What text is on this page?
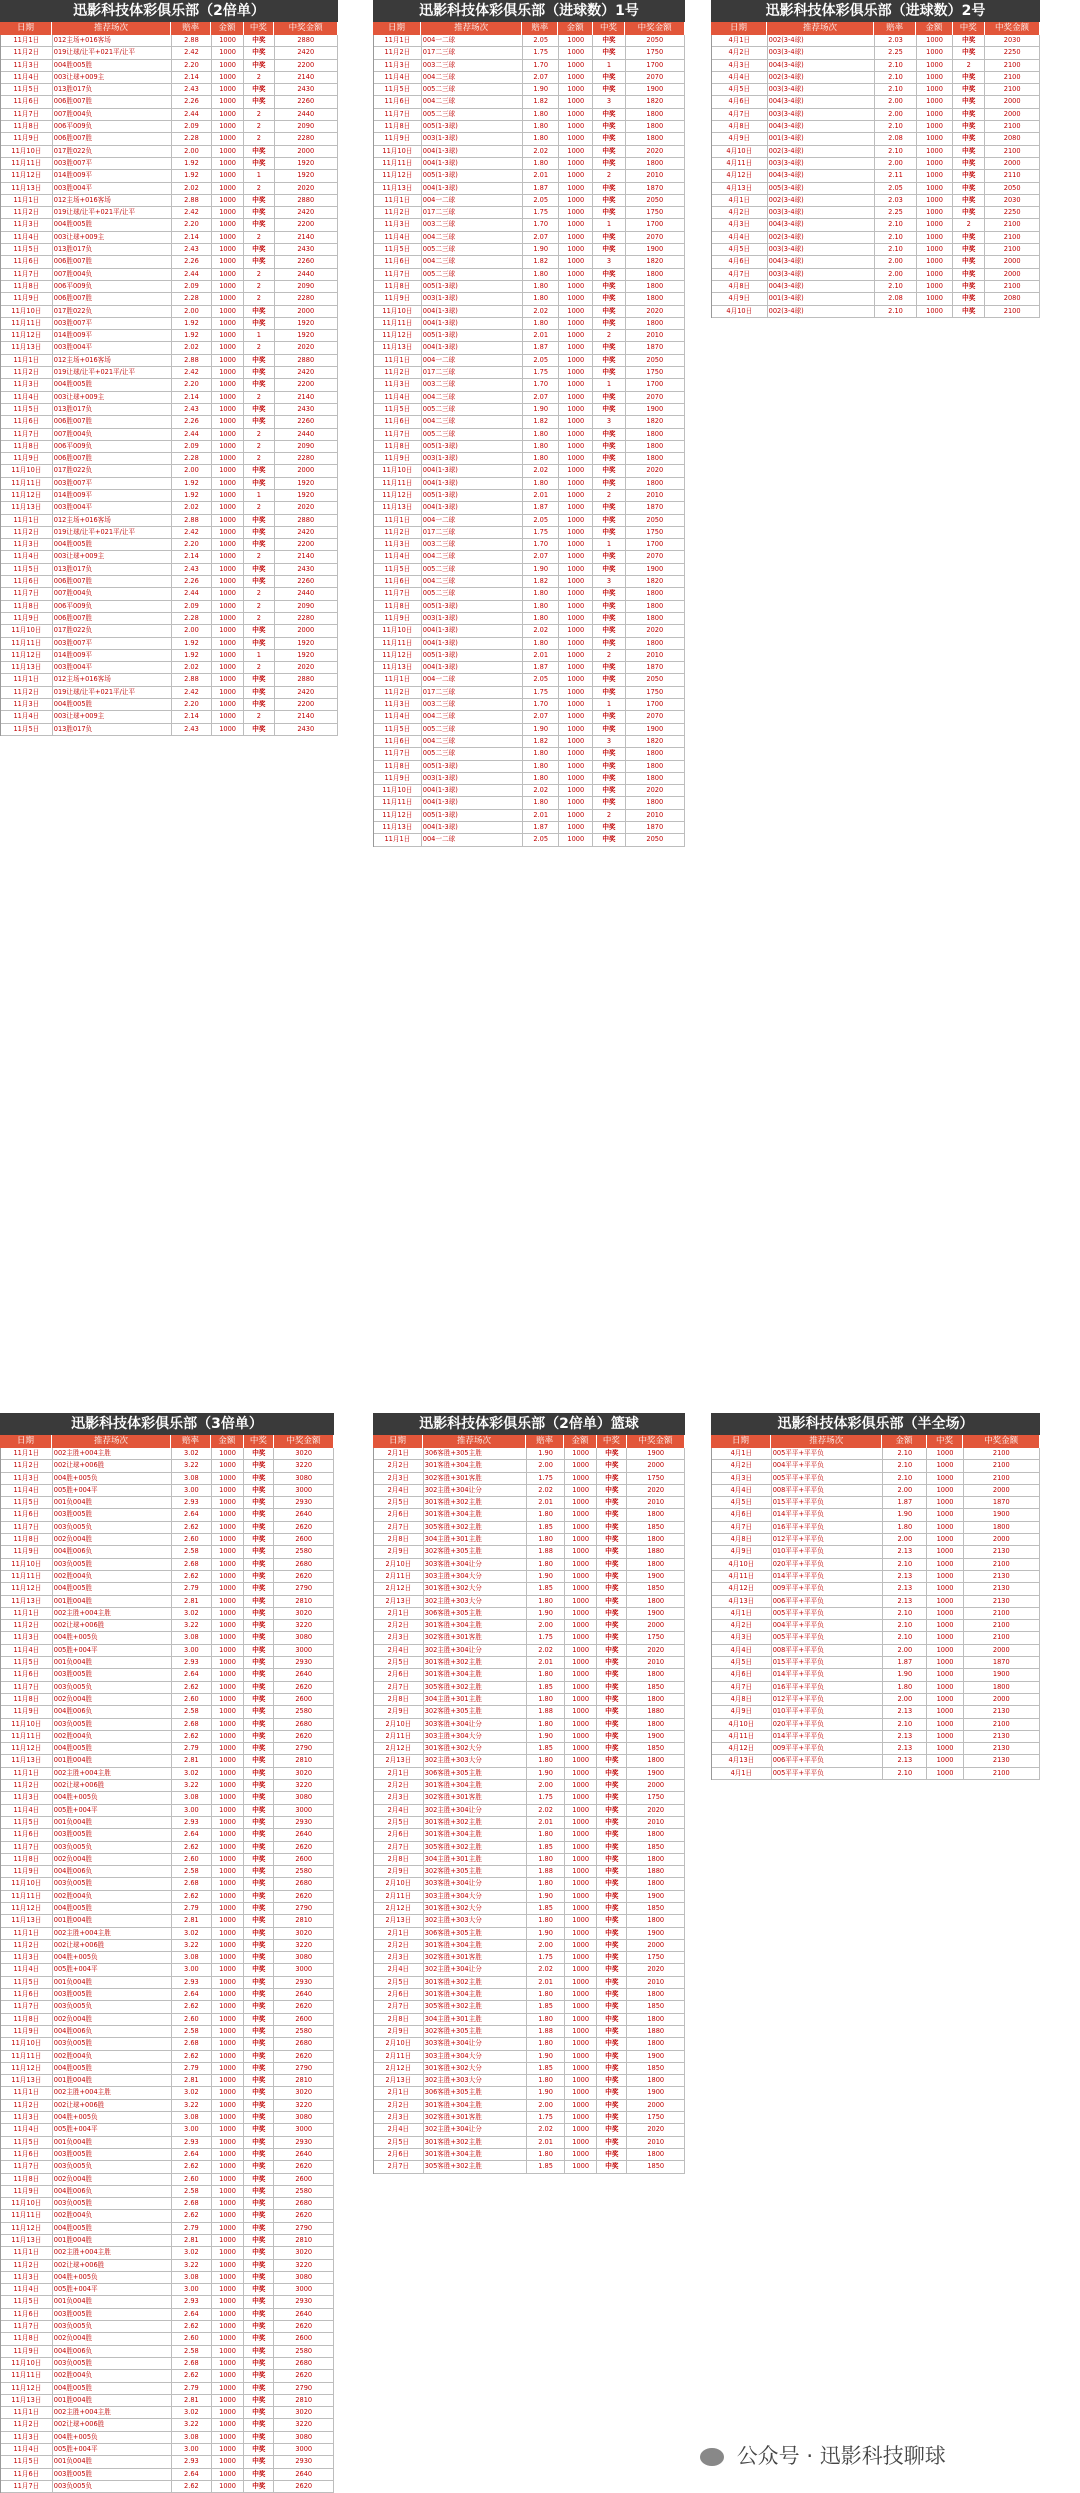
迅影科技体彩俱乐部（2倍单）
日期	推荐场次	赔率	金额	中奖	中奖金额
11月1日	012主场+016客场	2.88	1000	中奖	2880
11月2日	019让球/让平+021平/让平	2.42	1000	中奖	2420
11月3日	004胜005胜	2.20	1000	中奖	2200
11月4日	003让球+009主	2.14	1000	2	2140
11月5日	013胜017负	2.43	1000	中奖	2430
11月6日	006胜007胜	2.26	1000	中奖	2260
11月7日	007胜004负	2.44	1000	2	2440
11月8日	006平009负	2.09	1000	2	2090
11月9日	006胜007胜	2.28	1000	2	2280
11月10日	017胜022负	2.00	1000	中奖	2000
11月11日	003胜007平	1.92	1000	中奖	1920
11月12日	014胜009平	1.92	1000	1	1920
11月13日	003胜004平	2.02	1000	2	2020
11月1日	012主场+016客场	2.88	1000	中奖	2880
11月2日	019让球/让平+021平/让平	2.42	1000	中奖	2420
11月3日	004胜005胜	2.20	1000	中奖	2200
11月4日	003让球+009主	2.14	1000	2	2140
11月5日	013胜017负	2.43	1000	中奖	2430
11月6日	006胜007胜	2.26	1000	中奖	2260
11月7日	007胜004负	2.44	1000	2	2440
11月8日	006平009负	2.09	1000	2	2090
11月9日	006胜007胜	2.28	1000	2	2280
11月10日	017胜022负	2.00	1000	中奖	2000
11月11日	003胜007平	1.92	1000	中奖	1920
11月12日	014胜009平	1.92	1000	1	1920
11月13日	003胜004平	2.02	1000	2	2020
11月1日	012主场+016客场	2.88	1000	中奖	2880
11月2日	019让球/让平+021平/让平	2.42	1000	中奖	2420
11月3日	004胜005胜	2.20	1000	中奖	2200
11月4日	003让球+009主	2.14	1000	2	2140
11月5日	013胜017负	2.43	1000	中奖	2430
11月6日	006胜007胜	2.26	1000	中奖	2260
11月7日	007胜004负	2.44	1000	2	2440
11月8日	006平009负	2.09	1000	2	2090
11月9日	006胜007胜	2.28	1000	2	2280
11月10日	017胜022负	2.00	1000	中奖	2000
11月11日	003胜007平	1.92	1000	中奖	1920
11月12日	014胜009平	1.92	1000	1	1920
11月13日	003胜004平	2.02	1000	2	2020
11月1日	012主场+016客场	2.88	1000	中奖	2880
11月2日	019让球/让平+021平/让平	2.42	1000	中奖	2420
11月3日	004胜005胜	2.20	1000	中奖	2200
11月4日	003让球+009主	2.14	1000	2	2140
11月5日	013胜017负	2.43	1000	中奖	2430
11月6日	006胜007胜	2.26	1000	中奖	2260
11月7日	007胜004负	2.44	1000	2	2440
11月8日	006平009负	2.09	1000	2	2090
11月9日	006胜007胜	2.28	1000	2	2280
11月10日	017胜022负	2.00	1000	中奖	2000
11月11日	003胜007平	1.92	1000	中奖	1920
11月12日	014胜009平	1.92	1000	1	1920
11月13日	003胜004平	2.02	1000	2	2020
11月1日	012主场+016客场	2.88	1000	中奖	2880
11月2日	019让球/让平+021平/让平	2.42	1000	中奖	2420
11月3日	004胜005胜	2.20	1000	中奖	2200
11月4日	003让球+009主	2.14	1000	2	2140
11月5日	013胜017负	2.43	1000	中奖	2430
迅影科技体彩俱乐部（进球数）1号
日期	推荐场次	赔率	金额	中奖	中奖金额
11月1日	004一二球	2.05	1000	中奖	2050
11月2日	017二三球	1.75	1000	中奖	1750
11月3日	003二三球	1.70	1000	1	1700
11月4日	004二三球	2.07	1000	中奖	2070
11月5日	005二三球	1.90	1000	中奖	1900
11月6日	004二三球	1.82	1000	3	1820
11月7日	005二三球	1.80	1000	中奖	1800
11月8日	005(1-3球)	1.80	1000	中奖	1800
11月9日	003(1-3球)	1.80	1000	中奖	1800
11月10日	004(1-3球)	2.02	1000	中奖	2020
11月11日	004(1-3球)	1.80	1000	中奖	1800
11月12日	005(1-3球)	2.01	1000	2	2010
11月13日	004(1-3球)	1.87	1000	中奖	1870
11月1日	004一二球	2.05	1000	中奖	2050
11月2日	017二三球	1.75	1000	中奖	1750
11月3日	003二三球	1.70	1000	1	1700
11月4日	004二三球	2.07	1000	中奖	2070
11月5日	005二三球	1.90	1000	中奖	1900
11月6日	004二三球	1.82	1000	3	1820
11月7日	005二三球	1.80	1000	中奖	1800
11月8日	005(1-3球)	1.80	1000	中奖	1800
11月9日	003(1-3球)	1.80	1000	中奖	1800
11月10日	004(1-3球)	2.02	1000	中奖	2020
11月11日	004(1-3球)	1.80	1000	中奖	1800
11月12日	005(1-3球)	2.01	1000	2	2010
11月13日	004(1-3球)	1.87	1000	中奖	1870
11月1日	004一二球	2.05	1000	中奖	2050
11月2日	017二三球	1.75	1000	中奖	1750
11月3日	003二三球	1.70	1000	1	1700
11月4日	004二三球	2.07	1000	中奖	2070
11月5日	005二三球	1.90	1000	中奖	1900
11月6日	004二三球	1.82	1000	3	1820
11月7日	005二三球	1.80	1000	中奖	1800
11月8日	005(1-3球)	1.80	1000	中奖	1800
11月9日	003(1-3球)	1.80	1000	中奖	1800
11月10日	004(1-3球)	2.02	1000	中奖	2020
11月11日	004(1-3球)	1.80	1000	中奖	1800
11月12日	005(1-3球)	2.01	1000	2	2010
11月13日	004(1-3球)	1.87	1000	中奖	1870
11月1日	004一二球	2.05	1000	中奖	2050
11月2日	017二三球	1.75	1000	中奖	1750
11月3日	003二三球	1.70	1000	1	1700
11月4日	004二三球	2.07	1000	中奖	2070
11月5日	005二三球	1.90	1000	中奖	1900
11月6日	004二三球	1.82	1000	3	1820
11月7日	005二三球	1.80	1000	中奖	1800
11月8日	005(1-3球)	1.80	1000	中奖	1800
11月9日	003(1-3球)	1.80	1000	中奖	1800
11月10日	004(1-3球)	2.02	1000	中奖	2020
11月11日	004(1-3球)	1.80	1000	中奖	1800
11月12日	005(1-3球)	2.01	1000	2	2010
11月13日	004(1-3球)	1.87	1000	中奖	1870
11月1日	004一二球	2.05	1000	中奖	2050
11月2日	017二三球	1.75	1000	中奖	1750
11月3日	003二三球	1.70	1000	1	1700
11月4日	004二三球	2.07	1000	中奖	2070
11月5日	005二三球	1.90	1000	中奖	1900
11月6日	004二三球	1.82	1000	3	1820
11月7日	005二三球	1.80	1000	中奖	1800
11月8日	005(1-3球)	1.80	1000	中奖	1800
11月9日	003(1-3球)	1.80	1000	中奖	1800
11月10日	004(1-3球)	2.02	1000	中奖	2020
11月11日	004(1-3球)	1.80	1000	中奖	1800
11月12日	005(1-3球)	2.01	1000	2	2010
11月13日	004(1-3球)	1.87	1000	中奖	1870
11月1日	004一二球	2.05	1000	中奖	2050
迅影科技体彩俱乐部（进球数）2号
日期	推荐场次	赔率	金额	中奖	中奖金额
4月1日	002(3-4球)	2.03	1000	中奖	2030
4月2日	003(3-4球)	2.25	1000	中奖	2250
4月3日	004(3-4球)	2.10	1000	2	2100
4月4日	002(3-4球)	2.10	1000	中奖	2100
4月5日	003(3-4球)	2.10	1000	中奖	2100
4月6日	004(3-4球)	2.00	1000	中奖	2000
4月7日	003(3-4球)	2.00	1000	中奖	2000
4月8日	004(3-4球)	2.10	1000	中奖	2100
4月9日	001(3-4球)	2.08	1000	中奖	2080
4月10日	002(3-4球)	2.10	1000	中奖	2100
4月11日	003(3-4球)	2.00	1000	中奖	2000
4月12日	004(3-4球)	2.11	1000	中奖	2110
4月13日	005(3-4球)	2.05	1000	中奖	2050
4月1日	002(3-4球)	2.03	1000	中奖	2030
4月2日	003(3-4球)	2.25	1000	中奖	2250
4月3日	004(3-4球)	2.10	1000	2	2100
4月4日	002(3-4球)	2.10	1000	中奖	2100
4月5日	003(3-4球)	2.10	1000	中奖	2100
4月6日	004(3-4球)	2.00	1000	中奖	2000
4月7日	003(3-4球)	2.00	1000	中奖	2000
4月8日	004(3-4球)	2.10	1000	中奖	2100
4月9日	001(3-4球)	2.08	1000	中奖	2080
4月10日	002(3-4球)	2.10	1000	中奖	2100
迅影科技体彩俱乐部（3倍单）
日期	推荐场次	赔率	金额	中奖	中奖金额
11月1日	002主胜+004主胜	3.02	1000	中奖	3020
11月2日	002让球+006胜	3.22	1000	中奖	3220
11月3日	004胜+005负	3.08	1000	中奖	3080
11月4日	005胜+004平	3.00	1000	中奖	3000
11月5日	001负004胜	2.93	1000	中奖	2930
11月6日	003胜005胜	2.64	1000	中奖	2640
11月7日	003负005负	2.62	1000	中奖	2620
11月8日	002负004胜	2.60	1000	中奖	2600
11月9日	004胜006负	2.58	1000	中奖	2580
11月10日	003负005胜	2.68	1000	中奖	2680
11月11日	002胜004负	2.62	1000	中奖	2620
11月12日	004胜005胜	2.79	1000	中奖	2790
11月13日	001胜004胜	2.81	1000	中奖	2810
11月1日	002主胜+004主胜	3.02	1000	中奖	3020
11月2日	002让球+006胜	3.22	1000	中奖	3220
11月3日	004胜+005负	3.08	1000	中奖	3080
11月4日	005胜+004平	3.00	1000	中奖	3000
11月5日	001负004胜	2.93	1000	中奖	2930
11月6日	003胜005胜	2.64	1000	中奖	2640
11月7日	003负005负	2.62	1000	中奖	2620
11月8日	002负004胜	2.60	1000	中奖	2600
11月9日	004胜006负	2.58	1000	中奖	2580
11月10日	003负005胜	2.68	1000	中奖	2680
11月11日	002胜004负	2.62	1000	中奖	2620
11月12日	004胜005胜	2.79	1000	中奖	2790
11月13日	001胜004胜	2.81	1000	中奖	2810
11月1日	002主胜+004主胜	3.02	1000	中奖	3020
11月2日	002让球+006胜	3.22	1000	中奖	3220
11月3日	004胜+005负	3.08	1000	中奖	3080
11月4日	005胜+004平	3.00	1000	中奖	3000
11月5日	001负004胜	2.93	1000	中奖	2930
11月6日	003胜005胜	2.64	1000	中奖	2640
11月7日	003负005负	2.62	1000	中奖	2620
11月8日	002负004胜	2.60	1000	中奖	2600
11月9日	004胜006负	2.58	1000	中奖	2580
11月10日	003负005胜	2.68	1000	中奖	2680
11月11日	002胜004负	2.62	1000	中奖	2620
11月12日	004胜005胜	2.79	1000	中奖	2790
11月13日	001胜004胜	2.81	1000	中奖	2810
11月1日	002主胜+004主胜	3.02	1000	中奖	3020
11月2日	002让球+006胜	3.22	1000	中奖	3220
11月3日	004胜+005负	3.08	1000	中奖	3080
11月4日	005胜+004平	3.00	1000	中奖	3000
11月5日	001负004胜	2.93	1000	中奖	2930
11月6日	003胜005胜	2.64	1000	中奖	2640
11月7日	003负005负	2.62	1000	中奖	2620
11月8日	002负004胜	2.60	1000	中奖	2600
11月9日	004胜006负	2.58	1000	中奖	2580
11月10日	003负005胜	2.68	1000	中奖	2680
11月11日	002胜004负	2.62	1000	中奖	2620
11月12日	004胜005胜	2.79	1000	中奖	2790
11月13日	001胜004胜	2.81	1000	中奖	2810
11月1日	002主胜+004主胜	3.02	1000	中奖	3020
11月2日	002让球+006胜	3.22	1000	中奖	3220
11月3日	004胜+005负	3.08	1000	中奖	3080
11月4日	005胜+004平	3.00	1000	中奖	3000
11月5日	001负004胜	2.93	1000	中奖	2930
11月6日	003胜005胜	2.64	1000	中奖	2640
11月7日	003负005负	2.62	1000	中奖	2620
11月8日	002负004胜	2.60	1000	中奖	2600
11月9日	004胜006负	2.58	1000	中奖	2580
11月10日	003负005胜	2.68	1000	中奖	2680
11月11日	002胜004负	2.62	1000	中奖	2620
11月12日	004胜005胜	2.79	1000	中奖	2790
11月13日	001胜004胜	2.81	1000	中奖	2810
11月1日	002主胜+004主胜	3.02	1000	中奖	3020
11月2日	002让球+006胜	3.22	1000	中奖	3220
11月3日	004胜+005负	3.08	1000	中奖	3080
11月4日	005胜+004平	3.00	1000	中奖	3000
11月5日	001负004胜	2.93	1000	中奖	2930
11月6日	003胜005胜	2.64	1000	中奖	2640
11月7日	003负005负	2.62	1000	中奖	2620
11月8日	002负004胜	2.60	1000	中奖	2600
11月9日	004胜006负	2.58	1000	中奖	2580
11月10日	003负005胜	2.68	1000	中奖	2680
11月11日	002胜004负	2.62	1000	中奖	2620
11月12日	004胜005胜	2.79	1000	中奖	2790
11月13日	001胜004胜	2.81	1000	中奖	2810
11月1日	002主胜+004主胜	3.02	1000	中奖	3020
11月2日	002让球+006胜	3.22	1000	中奖	3220
11月3日	004胜+005负	3.08	1000	中奖	3080
11月4日	005胜+004平	3.00	1000	中奖	3000
11月5日	001负004胜	2.93	1000	中奖	2930
11月6日	003胜005胜	2.64	1000	中奖	2640
11月7日	003负005负	2.62	1000	中奖	2620
迅影科技体彩俱乐部（2倍单）篮球
日期	推荐场次	赔率	金额	中奖	中奖金额
2月1日	306客胜+305主胜	1.90	1000	中奖	1900
2月2日	301客胜+304主胜	2.00	1000	中奖	2000
2月3日	302客胜+301客胜	1.75	1000	中奖	1750
2月4日	302主胜+304让分	2.02	1000	中奖	2020
2月5日	301客胜+302主胜	2.01	1000	中奖	2010
2月6日	301客胜+304主胜	1.80	1000	中奖	1800
2月7日	305客胜+302主胜	1.85	1000	中奖	1850
2月8日	304主胜+301主胜	1.80	1000	中奖	1800
2月9日	302客胜+305主胜	1.88	1000	中奖	1880
2月10日	303客胜+304让分	1.80	1000	中奖	1800
2月11日	303主胜+304大分	1.90	1000	中奖	1900
2月12日	301客胜+302大分	1.85	1000	中奖	1850
2月13日	302主胜+303大分	1.80	1000	中奖	1800
2月1日	306客胜+305主胜	1.90	1000	中奖	1900
2月2日	301客胜+304主胜	2.00	1000	中奖	2000
2月3日	302客胜+301客胜	1.75	1000	中奖	1750
2月4日	302主胜+304让分	2.02	1000	中奖	2020
2月5日	301客胜+302主胜	2.01	1000	中奖	2010
2月6日	301客胜+304主胜	1.80	1000	中奖	1800
2月7日	305客胜+302主胜	1.85	1000	中奖	1850
2月8日	304主胜+301主胜	1.80	1000	中奖	1800
2月9日	302客胜+305主胜	1.88	1000	中奖	1880
2月10日	303客胜+304让分	1.80	1000	中奖	1800
2月11日	303主胜+304大分	1.90	1000	中奖	1900
2月12日	301客胜+302大分	1.85	1000	中奖	1850
2月13日	302主胜+303大分	1.80	1000	中奖	1800
2月1日	306客胜+305主胜	1.90	1000	中奖	1900
2月2日	301客胜+304主胜	2.00	1000	中奖	2000
2月3日	302客胜+301客胜	1.75	1000	中奖	1750
2月4日	302主胜+304让分	2.02	1000	中奖	2020
2月5日	301客胜+302主胜	2.01	1000	中奖	2010
2月6日	301客胜+304主胜	1.80	1000	中奖	1800
2月7日	305客胜+302主胜	1.85	1000	中奖	1850
2月8日	304主胜+301主胜	1.80	1000	中奖	1800
2月9日	302客胜+305主胜	1.88	1000	中奖	1880
2月10日	303客胜+304让分	1.80	1000	中奖	1800
2月11日	303主胜+304大分	1.90	1000	中奖	1900
2月12日	301客胜+302大分	1.85	1000	中奖	1850
2月13日	302主胜+303大分	1.80	1000	中奖	1800
2月1日	306客胜+305主胜	1.90	1000	中奖	1900
2月2日	301客胜+304主胜	2.00	1000	中奖	2000
2月3日	302客胜+301客胜	1.75	1000	中奖	1750
2月4日	302主胜+304让分	2.02	1000	中奖	2020
2月5日	301客胜+302主胜	2.01	1000	中奖	2010
2月6日	301客胜+304主胜	1.80	1000	中奖	1800
2月7日	305客胜+302主胜	1.85	1000	中奖	1850
2月8日	304主胜+301主胜	1.80	1000	中奖	1800
2月9日	302客胜+305主胜	1.88	1000	中奖	1880
2月10日	303客胜+304让分	1.80	1000	中奖	1800
2月11日	303主胜+304大分	1.90	1000	中奖	1900
2月12日	301客胜+302大分	1.85	1000	中奖	1850
2月13日	302主胜+303大分	1.80	1000	中奖	1800
2月1日	306客胜+305主胜	1.90	1000	中奖	1900
2月2日	301客胜+304主胜	2.00	1000	中奖	2000
2月3日	302客胜+301客胜	1.75	1000	中奖	1750
2月4日	302主胜+304让分	2.02	1000	中奖	2020
2月5日	301客胜+302主胜	2.01	1000	中奖	2010
2月6日	301客胜+304主胜	1.80	1000	中奖	1800
2月7日	305客胜+302主胜	1.85	1000	中奖	1850
迅影科技体彩俱乐部（半全场）
日期	推荐场次	金额	中奖	中奖金额
4月1日	005平平+平平负	2.10	1000	2100
4月2日	004平平+平平负	2.10	1000	2100
4月3日	005平平+平平负	2.10	1000	2100
4月4日	008平平+平平负	2.00	1000	2000
4月5日	015平平+平平负	1.87	1000	1870
4月6日	014平平+平平负	1.90	1000	1900
4月7日	016平平+平平负	1.80	1000	1800
4月8日	012平平+平平负	2.00	1000	2000
4月9日	010平平+平平负	2.13	1000	2130
4月10日	020平平+平平负	2.10	1000	2100
4月11日	014平平+平平负	2.13	1000	2130
4月12日	009平平+平平负	2.13	1000	2130
4月13日	006平平+平平负	2.13	1000	2130
4月1日	005平平+平平负	2.10	1000	2100
4月2日	004平平+平平负	2.10	1000	2100
4月3日	005平平+平平负	2.10	1000	2100
4月4日	008平平+平平负	2.00	1000	2000
4月5日	015平平+平平负	1.87	1000	1870
4月6日	014平平+平平负	1.90	1000	1900
4月7日	016平平+平平负	1.80	1000	1800
4月8日	012平平+平平负	2.00	1000	2000
4月9日	010平平+平平负	2.13	1000	2130
4月10日	020平平+平平负	2.10	1000	2100
4月11日	014平平+平平负	2.13	1000	2130
4月12日	009平平+平平负	2.13	1000	2130
4月13日	006平平+平平负	2.13	1000	2130
4月1日	005平平+平平负	2.10	1000	2100
公众号 · 迅影科技聊球
